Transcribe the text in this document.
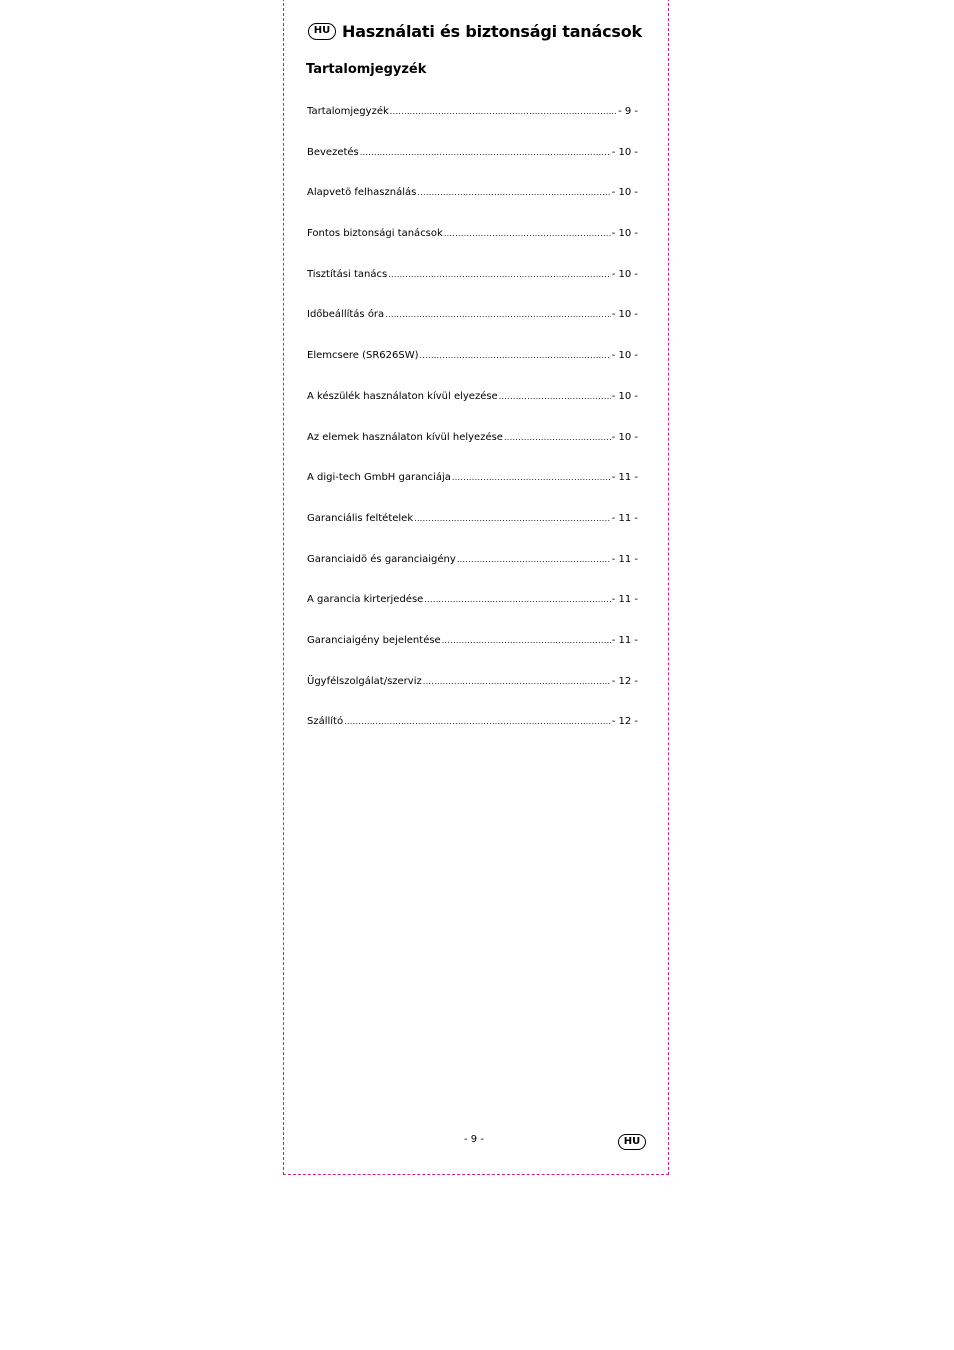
HU Használati és biztonsági tanácsok
Tartalomjegyzék
Tartalomjegyzék .....	- 9 -
Bevezetés .....	- 10 -
Alapvetö felhasználás .....	- 10 -
Fontos biztonsági tanácsok .....	- 10 -
Tisztítási tanács .....	- 10 -
Időbeállítás óra .....	- 10 -
Elemcsere (SR626SW) .....	- 10 -
A készülék használaton kívül elyezése .....	- 10 -
Az elemek használaton kívül helyezése .....	- 10 -
A digi-tech GmbH garanciája .....	- 11 -
Garanciális feltételek .....	- 11 -
Garanciaidö és garanciaigény .....	- 11 -
A garancia kirterjedése .....	- 11 -
Garanciaigény bejelentése .....	- 11 -
Ügyfélszolgálat/szerviz .....	- 12 -
Szállító .....	- 12 -
- 9 -	HU
